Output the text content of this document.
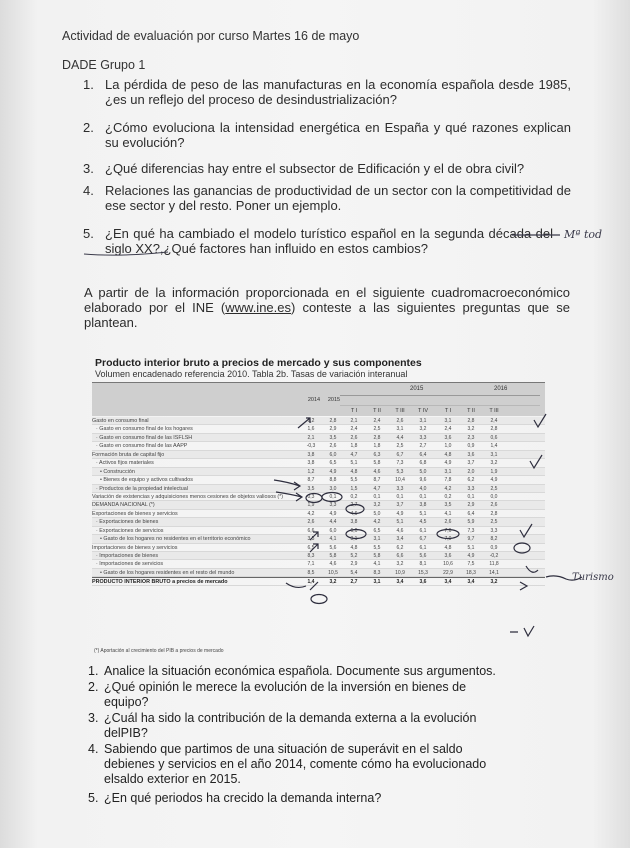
Actividad de evaluación por curso Martes 16 de mayo
DADE Grupo 1
1. La pérdida de peso de las manufacturas en la economía española desde 1985, ¿es un reflejo del proceso de desindustrialización?
2. ¿Cómo evoluciona la intensidad energética en España y qué razones explican su evolución?
3. ¿Qué diferencias hay entre el subsector de Edificación y el de obra civil?
4. Relaciones las ganancias de productividad de un sector con la competitividad de ese sector y del resto. Poner un ejemplo.
5. ¿En qué ha cambiado el modelo turístico español en la segunda década del siglo XX?,¿Qué factores han influido en estos cambios?
A partir de la información proporcionada en el siguiente cuadromacroeconómico elaborado por el INE (www.ine.es) conteste a las siguientes preguntas que se plantean.
Producto interior bruto a precios de mercado y sus componentes
Volumen encadenado referencia 2010. Tabla 2b. Tasas de variación interanual
2015	2016
2014	2015
T I	T II	T III	T IV	T I	T II	T III
Gasto en consumo final	1,2	2,8	2,1	2,4	2,6	3,1	3,1	2,8	2,4
· Gasto en consumo final de los hogares	1,6	2,9	2,4	2,5	3,1	3,2	2,4	3,2	2,8
· Gasto en consumo final de las ISFLSH	2,1	3,5	2,6	2,8	4,4	3,3	3,6	2,3	0,6
· Gasto en consumo final de las AAPP	-0,3	2,6	1,8	1,8	2,5	2,7	1,0	0,9	1,4
Formación bruta de capital fijo	3,8	6,0	4,7	6,3	6,7	6,4	4,8	3,6	3,1
· Activos fijos materiales	3,8	6,5	5,1	5,8	7,3	6,8	4,9	3,7	3,2
• Construcción	1,2	4,9	4,8	4,6	5,3	5,0	3,1	2,0	1,9
• Bienes de equipo y activos cultivados	8,7	8,8	5,5	8,7	10,4	9,6	7,8	6,2	4,9
· Productos de la propiedad intelectual	3,5	3,0	1,5	4,7	3,3	4,0	4,2	3,3	2,5
Variación de existencias y adquisiciones menos cesiones de objetos valiosos (*)	0,3	0,1	0,2	0,1	0,1	0,1	0,2	0,1	0,0
DEMANDA NACIONAL (*)	1,9	3,3	2,7	3,2	3,7	3,8	3,5	2,9	2,6
Exportaciones de bienes y servicios	4,2	4,9	4,6	5,0	4,9	5,1	4,1	6,4	2,8
· Exportaciones de bienes	2,6	4,4	3,8	4,2	5,1	4,5	2,6	5,9	2,5
· Exportaciones de servicios	6,6	6,0	6,6	6,5	4,6	6,1	7,6	7,3	3,3
• Gasto de los hogares no residentes en el territorio económico	3,5	4,1	3,1	3,1	3,4	6,7	7,0	9,7	8,2
Importaciones de bienes y servicios	6,5	5,6	4,8	5,5	6,2	6,1	4,8	5,1	0,9
· Importaciones de bienes	8,3	5,8	5,2	5,8	6,6	5,6	3,6	4,9	-0,2
· Importaciones de servicios	7,1	4,6	2,9	4,1	3,2	8,1	10,6	7,5	11,8
• Gasto de los hogares residentes en el resto del mundo	8,5	10,5	5,4	8,3	10,9	15,3	22,9	18,3	14,1
PRODUCTO INTERIOR BRUTO a precios de mercado	1,4	3,2	2,7	3,1	3,4	3,6	3,4	3,4	3,2
(*) Aportación al crecimiento del PIB a precios de mercado
Mª tod
Turismo
1. Analice la situación económica española. Documente sus argumentos.
2. ¿Qué opinión le merece la evolución de la inversión en bienes de equipo?
3. ¿Cuál ha sido la contribución de la demanda externa a la evolución delPIB?
4. Sabiendo que partimos de una situación de superávit en el saldo debienes y servicios en el año 2014, comente cómo ha evolucionado elsaldo exterior en 2015.
5. ¿En qué periodos ha crecido la demanda interna?
